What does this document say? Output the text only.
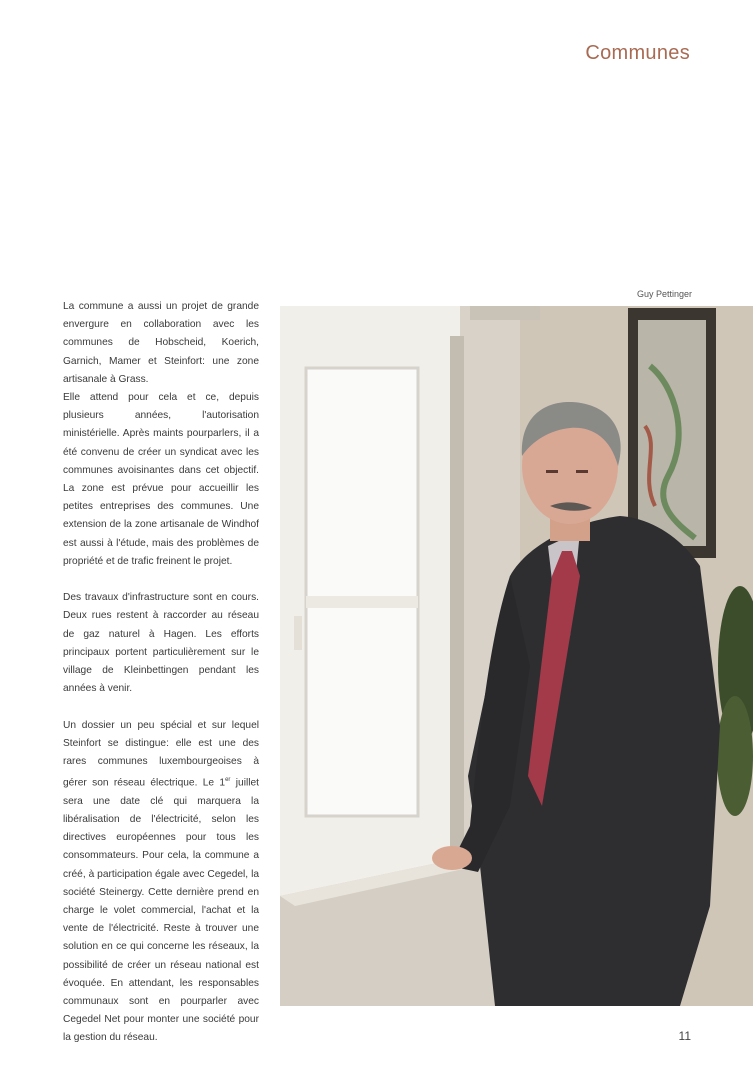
Communes
Guy Pettinger

La commune a aussi un projet de grande envergure en collaboration avec les communes de Hobscheid, Koerich, Garnich, Mamer et Steinfort: une zone artisanale à Grass.

Elle attend pour cela et ce, depuis plusieurs années, l'autorisation ministérielle. Après maints pourparlers, il a été convenu de créer un syndicat avec les communes avoisinantes dans cet objectif. La zone est prévue pour accueillir les petites entreprises des communes. Une extension de la zone artisanale de Windhof est aussi à l'étude, mais des problèmes de propriété et de trafic freinent le projet.

Des travaux d'infrastructure sont en cours. Deux rues restent à raccorder au réseau de gaz naturel à Hagen. Les efforts principaux portent particulièrement sur le village de Kleinbettingen pendant les années à venir.

Un dossier un peu spécial et sur lequel Steinfort se distingue: elle est une des rares communes luxembourgeoises à gérer son réseau électrique. Le 1er juillet sera une date clé qui marquera la libéralisation de l'électricité, selon les directives européennes pour tous les consommateurs. Pour cela, la commune a créé, à participation égale avec Cegedel, la société Steinergy. Cette dernière prend en charge le volet commercial, l'achat et la vente de l'électricité. Reste à trouver une solution en ce qui concerne les réseaux, la possibilité de créer un réseau national est évoquée. En attendant, les responsables communaux sont en pourparler avec Cegedel Net pour monter une société pour la gestion du réseau.	11
